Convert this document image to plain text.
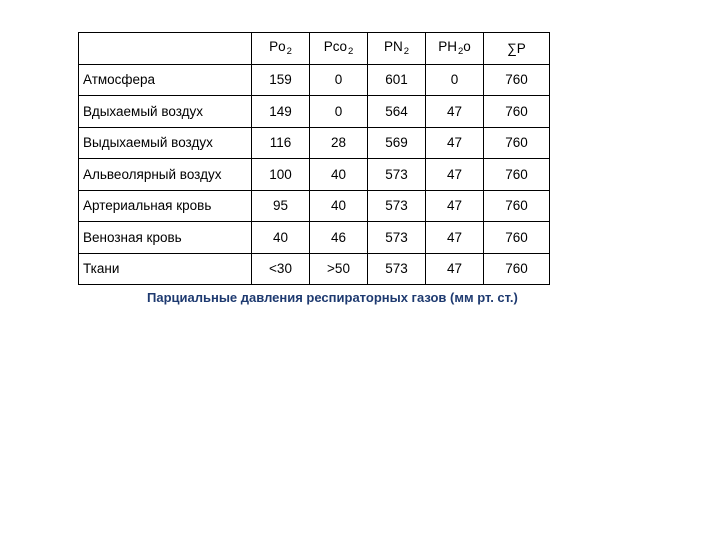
	$Po_2$	Pco$_2$	$PN_2$	$PH_2o$	∑P
Атмосфера	159	0	601	0	760
Вдыхаемый воздух	149	0	564	47	760
Выдыхаемый воздух	116	28	569	47	760
Альвеолярный воздух	100	40	573	47	760
Артериальная кровь	95	40	573	47	760
Венозная кровь	40	46	573	47	760
Ткани	<30	>50	573	47	760
Парциальные давления респираторных газов (мм рт. ст.)
